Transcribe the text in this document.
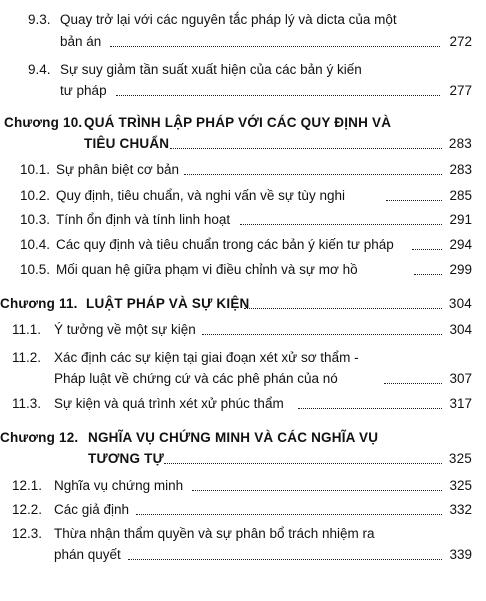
9.3. Quay trở lại với các nguyên tắc pháp lý và dicta của một
bản án	272
9.4. Sự suy giảm tần suất xuất hiện của các bản ý kiến
tư pháp	277
Chương 10. QUÁ TRÌNH LẬP PHÁP VỚI CÁC QUY ĐỊNH VÀ
TIÊU CHUẨN	283
10.1. Sự phân biệt cơ bản	283
10.2. Quy định, tiêu chuẩn, và nghi vấn về sự tùy nghi	285
10.3. Tính ổn định và tính linh hoạt	291
10.4. Các quy định và tiêu chuẩn trong các bản ý kiến tư pháp	294
10.5. Mối quan hệ giữa phạm vi điều chỉnh và sự mơ hồ	299
Chương 11. LUẬT PHÁP VÀ SỰ KIỆN	304
11.1. Ý tưởng về một sự kiện	304
11.2. Xác định các sự kiện tại giai đoạn xét xử sơ thẩm -
Pháp luật về chứng cứ và các phê phán của nó	307
11.3. Sự kiện và quá trình xét xử phúc thẩm	317
Chương 12. NGHĨA VỤ CHỨNG MINH VÀ CÁC NGHĨA VỤ
TƯƠNG TỰ	325
12.1. Nghĩa vụ chứng minh	325
12.2. Các giả định	332
12.3. Thừa nhận thẩm quyền và sự phân bổ trách nhiệm ra
phán quyết	339
